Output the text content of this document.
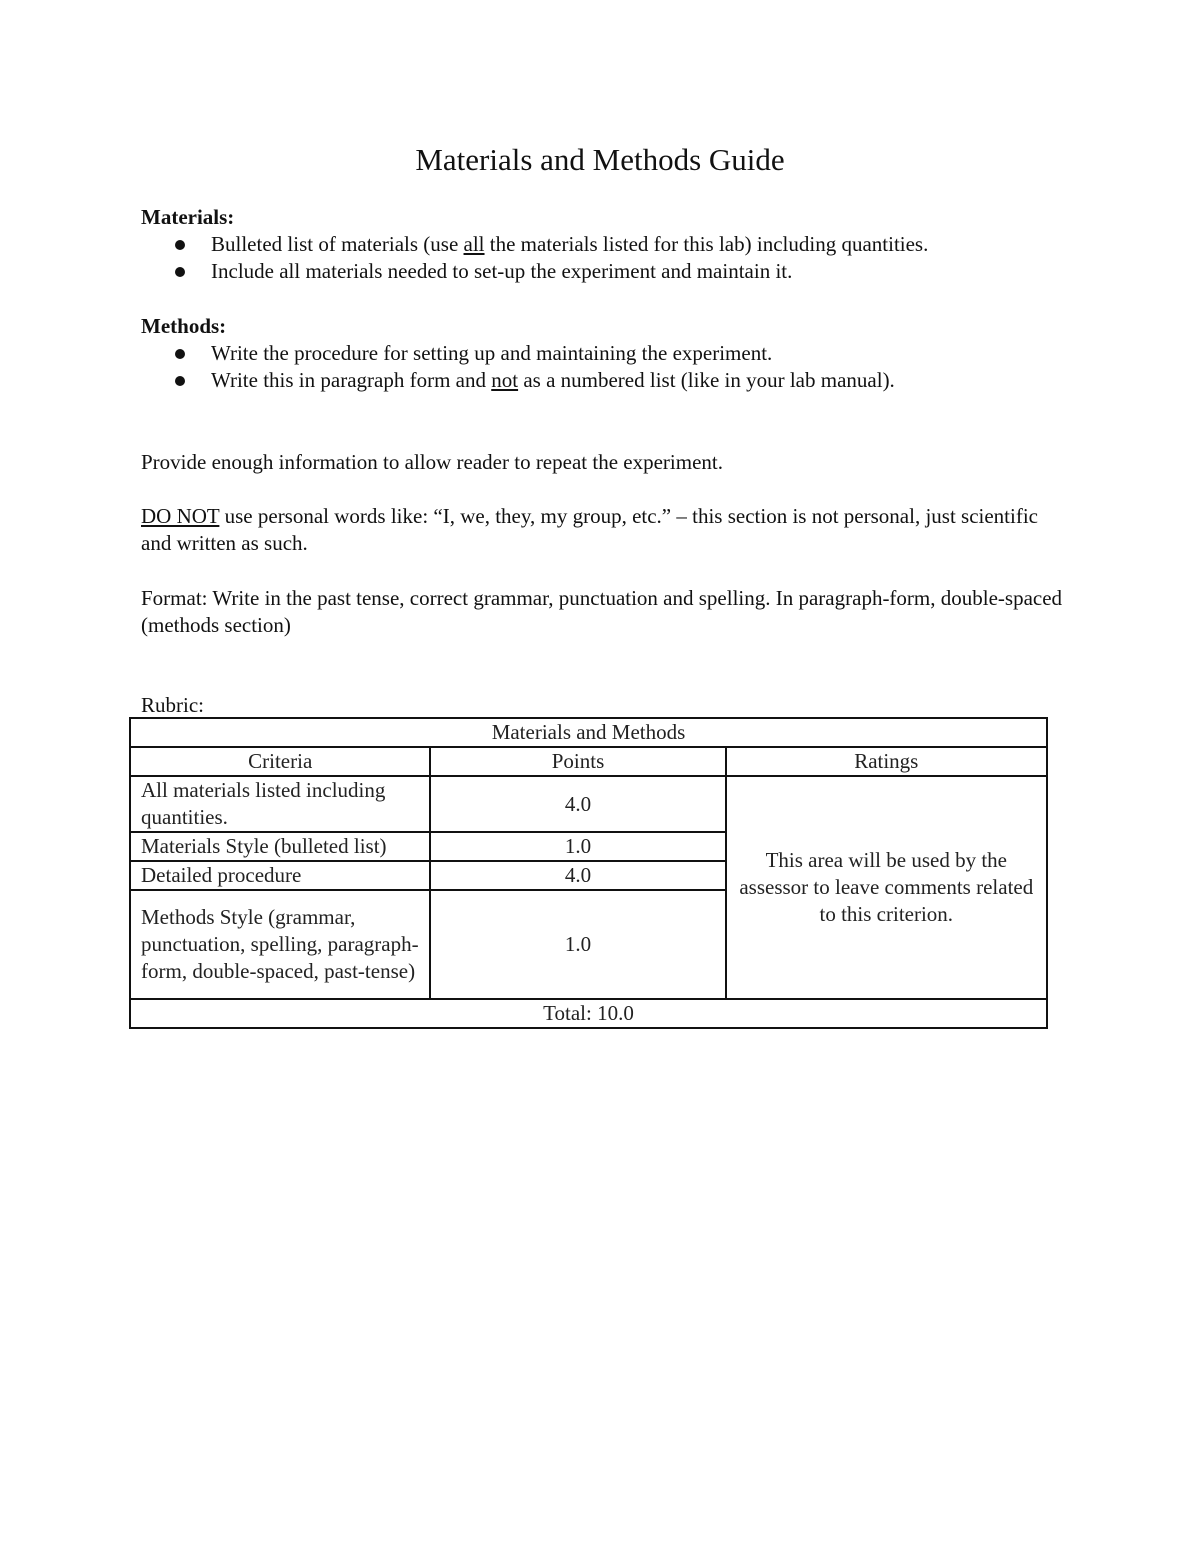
Materials and Methods Guide
Materials:
Bulleted list of materials (use all the materials listed for this lab) including quantities.
Include all materials needed to set-up the experiment and maintain it.
Methods:
Write the procedure for setting up and maintaining the experiment.
Write this in paragraph form and not as a numbered list (like in your lab manual).
Provide enough information to allow reader to repeat the experiment.
DO NOT use personal words like: “I, we, they, my group, etc.” – this section is not personal, just scientific and written as such.
Format: Write in the past tense, correct grammar, punctuation and spelling. In paragraph-form, double-spaced (methods section)
Rubric:
Materials and Methods		
Criteria	Points	Ratings
All materials listed including quantities.	4.0	This area will be used by the assessor to leave comments related to this criterion.
Materials Style (bulleted list)	1.0	
Detailed procedure	4.0	
Methods Style (grammar, punctuation, spelling, paragraph-form, double-spaced, past-tense)	1.0	
Total: 10.0		
